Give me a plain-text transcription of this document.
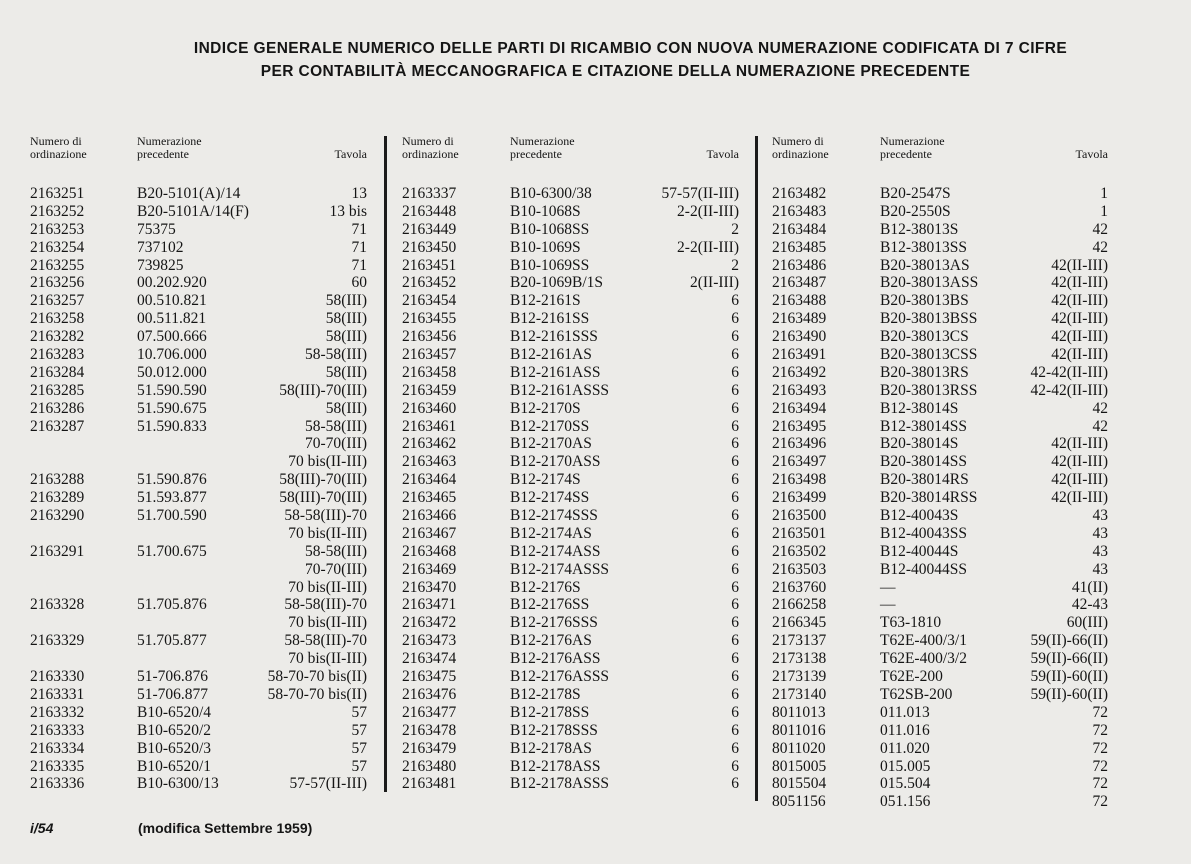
INDICE GENERALE NUMERICO DELLE PARTI DI RICAMBIO CON NUOVA NUMERAZIONE CODIFICATA DI 7 CIFRE
PER CONTABILITÀ MECCANOGRAFICA E CITAZIONE DELLA NUMERAZIONE PRECEDENTE
Numero di
ordinazione
Numerazione
precedente	Tavola
2163251	B20-5101(A)/14	13
2163252	B20-5101A/14(F)	13 bis
2163253	75375	71
2163254	737102	71
2163255	739825	71
2163256	00.202.920	60
2163257	00.510.821	58(III)
2163258	00.511.821	58(III)
2163282	07.500.666	58(III)
2163283	10.706.000	58-58(III)
2163284	50.012.000	58(III)
2163285	51.590.590	58(III)-70(III)
2163286	51.590.675	58(III)
2163287	51.590.833	58-58(III)
70-70(III)
70 bis(II-III)
2163288	51.590.876	58(III)-70(III)
2163289	51.593.877	58(III)-70(III)
2163290	51.700.590	58-58(III)-70
70 bis(II-III)
2163291	51.700.675	58-58(III)
70-70(III)
70 bis(II-III)
2163328	51.705.876	58-58(III)-70
70 bis(II-III)
2163329	51.705.877	58-58(III)-70
70 bis(II-III)
2163330	51-706.876	58-70-70 bis(II)
2163331	51-706.877	58-70-70 bis(II)
2163332	B10-6520/4	57
2163333	B10-6520/2	57
2163334	B10-6520/3	57
2163335	B10-6520/1	57
2163336	B10-6300/13	57-57(II-III)
Numero di
ordinazione
Numerazione
precedente	Tavola
2163337	B10-6300/38	57-57(II-III)
2163448	B10-1068S	2-2(II-III)
2163449	B10-1068SS	2
2163450	B10-1069S	2-2(II-III)
2163451	B10-1069SS	2
2163452	B20-1069B/1S	2(II-III)
2163454	B12-2161S	6
2163455	B12-2161SS	6
2163456	B12-2161SSS	6
2163457	B12-2161AS	6
2163458	B12-2161ASS	6
2163459	B12-2161ASSS	6
2163460	B12-2170S	6
2163461	B12-2170SS	6
2163462	B12-2170AS	6
2163463	B12-2170ASS	6
2163464	B12-2174S	6
2163465	B12-2174SS	6
2163466	B12-2174SSS	6
2163467	B12-2174AS	6
2163468	B12-2174ASS	6
2163469	B12-2174ASSS	6
2163470	B12-2176S	6
2163471	B12-2176SS	6
2163472	B12-2176SSS	6
2163473	B12-2176AS	6
2163474	B12-2176ASS	6
2163475	B12-2176ASSS	6
2163476	B12-2178S	6
2163477	B12-2178SS	6
2163478	B12-2178SSS	6
2163479	B12-2178AS	6
2163480	B12-2178ASS	6
2163481	B12-2178ASSS	6
Numero di
ordinazione
Numerazione
precedente	Tavola
2163482	B20-2547S	1
2163483	B20-2550S	1
2163484	B12-38013S	42
2163485	B12-38013SS	42
2163486	B20-38013AS	42(II-III)
2163487	B20-38013ASS	42(II-III)
2163488	B20-38013BS	42(II-III)
2163489	B20-38013BSS	42(II-III)
2163490	B20-38013CS	42(II-III)
2163491	B20-38013CSS	42(II-III)
2163492	B20-38013RS	42-42(II-III)
2163493	B20-38013RSS	42-42(II-III)
2163494	B12-38014S	42
2163495	B12-38014SS	42
2163496	B20-38014S	42(II-III)
2163497	B20-38014SS	42(II-III)
2163498	B20-38014RS	42(II-III)
2163499	B20-38014RSS	42(II-III)
2163500	B12-40043S	43
2163501	B12-40043SS	43
2163502	B12-40044S	43
2163503	B12-40044SS	43
2163760	—	41(II)
2166258	—	42-43
2166345	T63-1810	60(III)
2173137	T62E-400/3/1	59(II)-66(II)
2173138	T62E-400/3/2	59(II)-66(II)
2173139	T62E-200	59(II)-60(II)
2173140	T62SB-200	59(II)-60(II)
8011013	011.013	72
8011016	011.016	72
8011020	011.020	72
8015005	015.005	72
8015504	015.504	72
8051156	051.156	72
i/54	(modifica Settembre 1959)
